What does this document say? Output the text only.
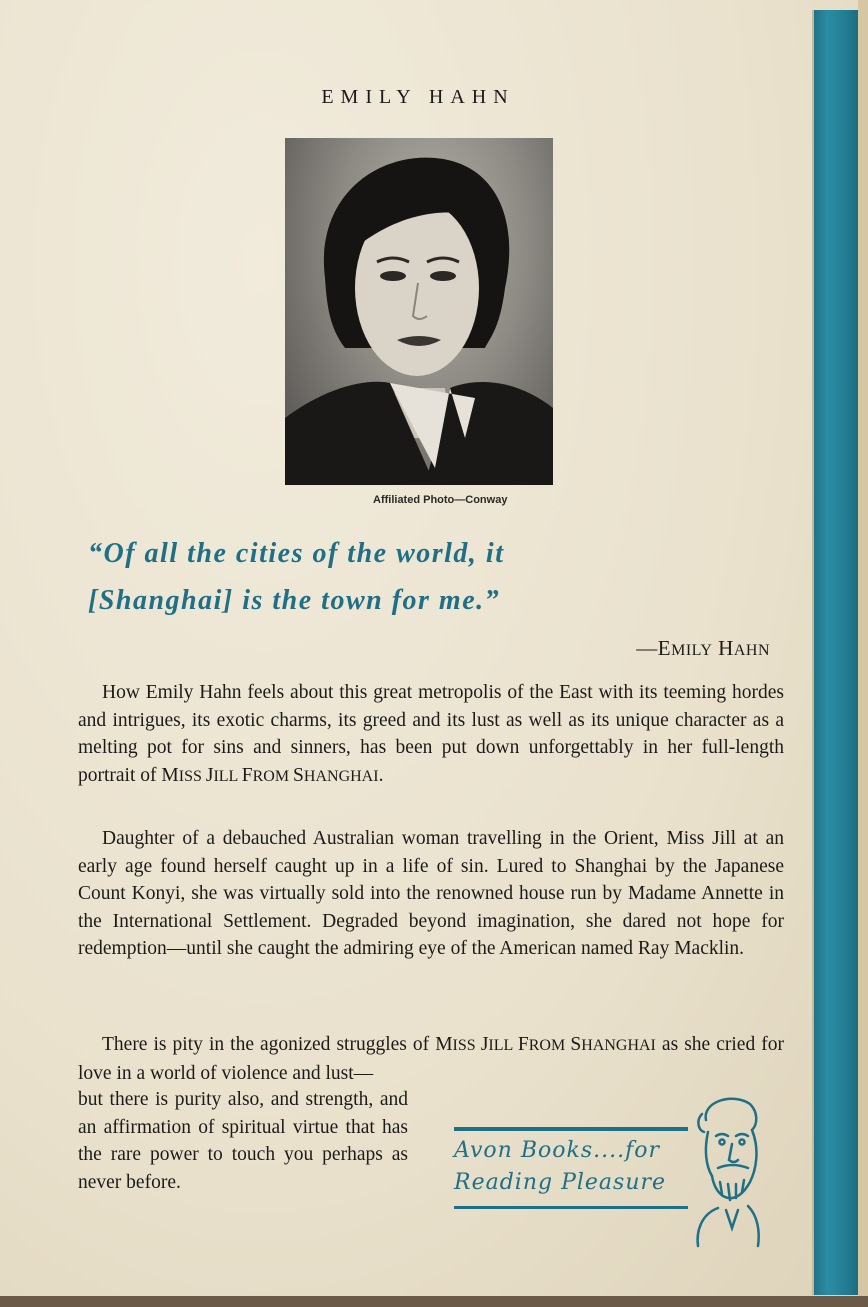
EMILY HAHN
Affiliated Photo—Conway
“Of all the cities of the world, it
[Shanghai] is the town for me.”
—EMILY HAHN

How Emily Hahn feels about this great metropolis of the East with its teeming hordes and intrigues, its exotic charms, its greed and its lust as well as its unique character as a melting pot for sins and sinners, has been put down unforgettably in her full-length portrait of MISS JILL FROM SHANGHAI.

Daughter of a debauched Australian woman travelling in the Orient, Miss Jill at an early age found herself caught up in a life of sin. Lured to Shanghai by the Japanese Count Konyi, she was virtually sold into the renowned house run by Madame Annette in the International Settlement. Degraded beyond imagination, she dared not hope for redemption—until she caught the admiring eye of the American named Ray Macklin.

There is pity in the agonized struggles of MISS JILL FROM SHANGHAI as she cried for love in a world of violence and lust—

but there is purity also, and strength, and an affirmation of spiritual virtue that has the rare power to touch you perhaps as never before.

Avon Books....for
Reading Pleasure
